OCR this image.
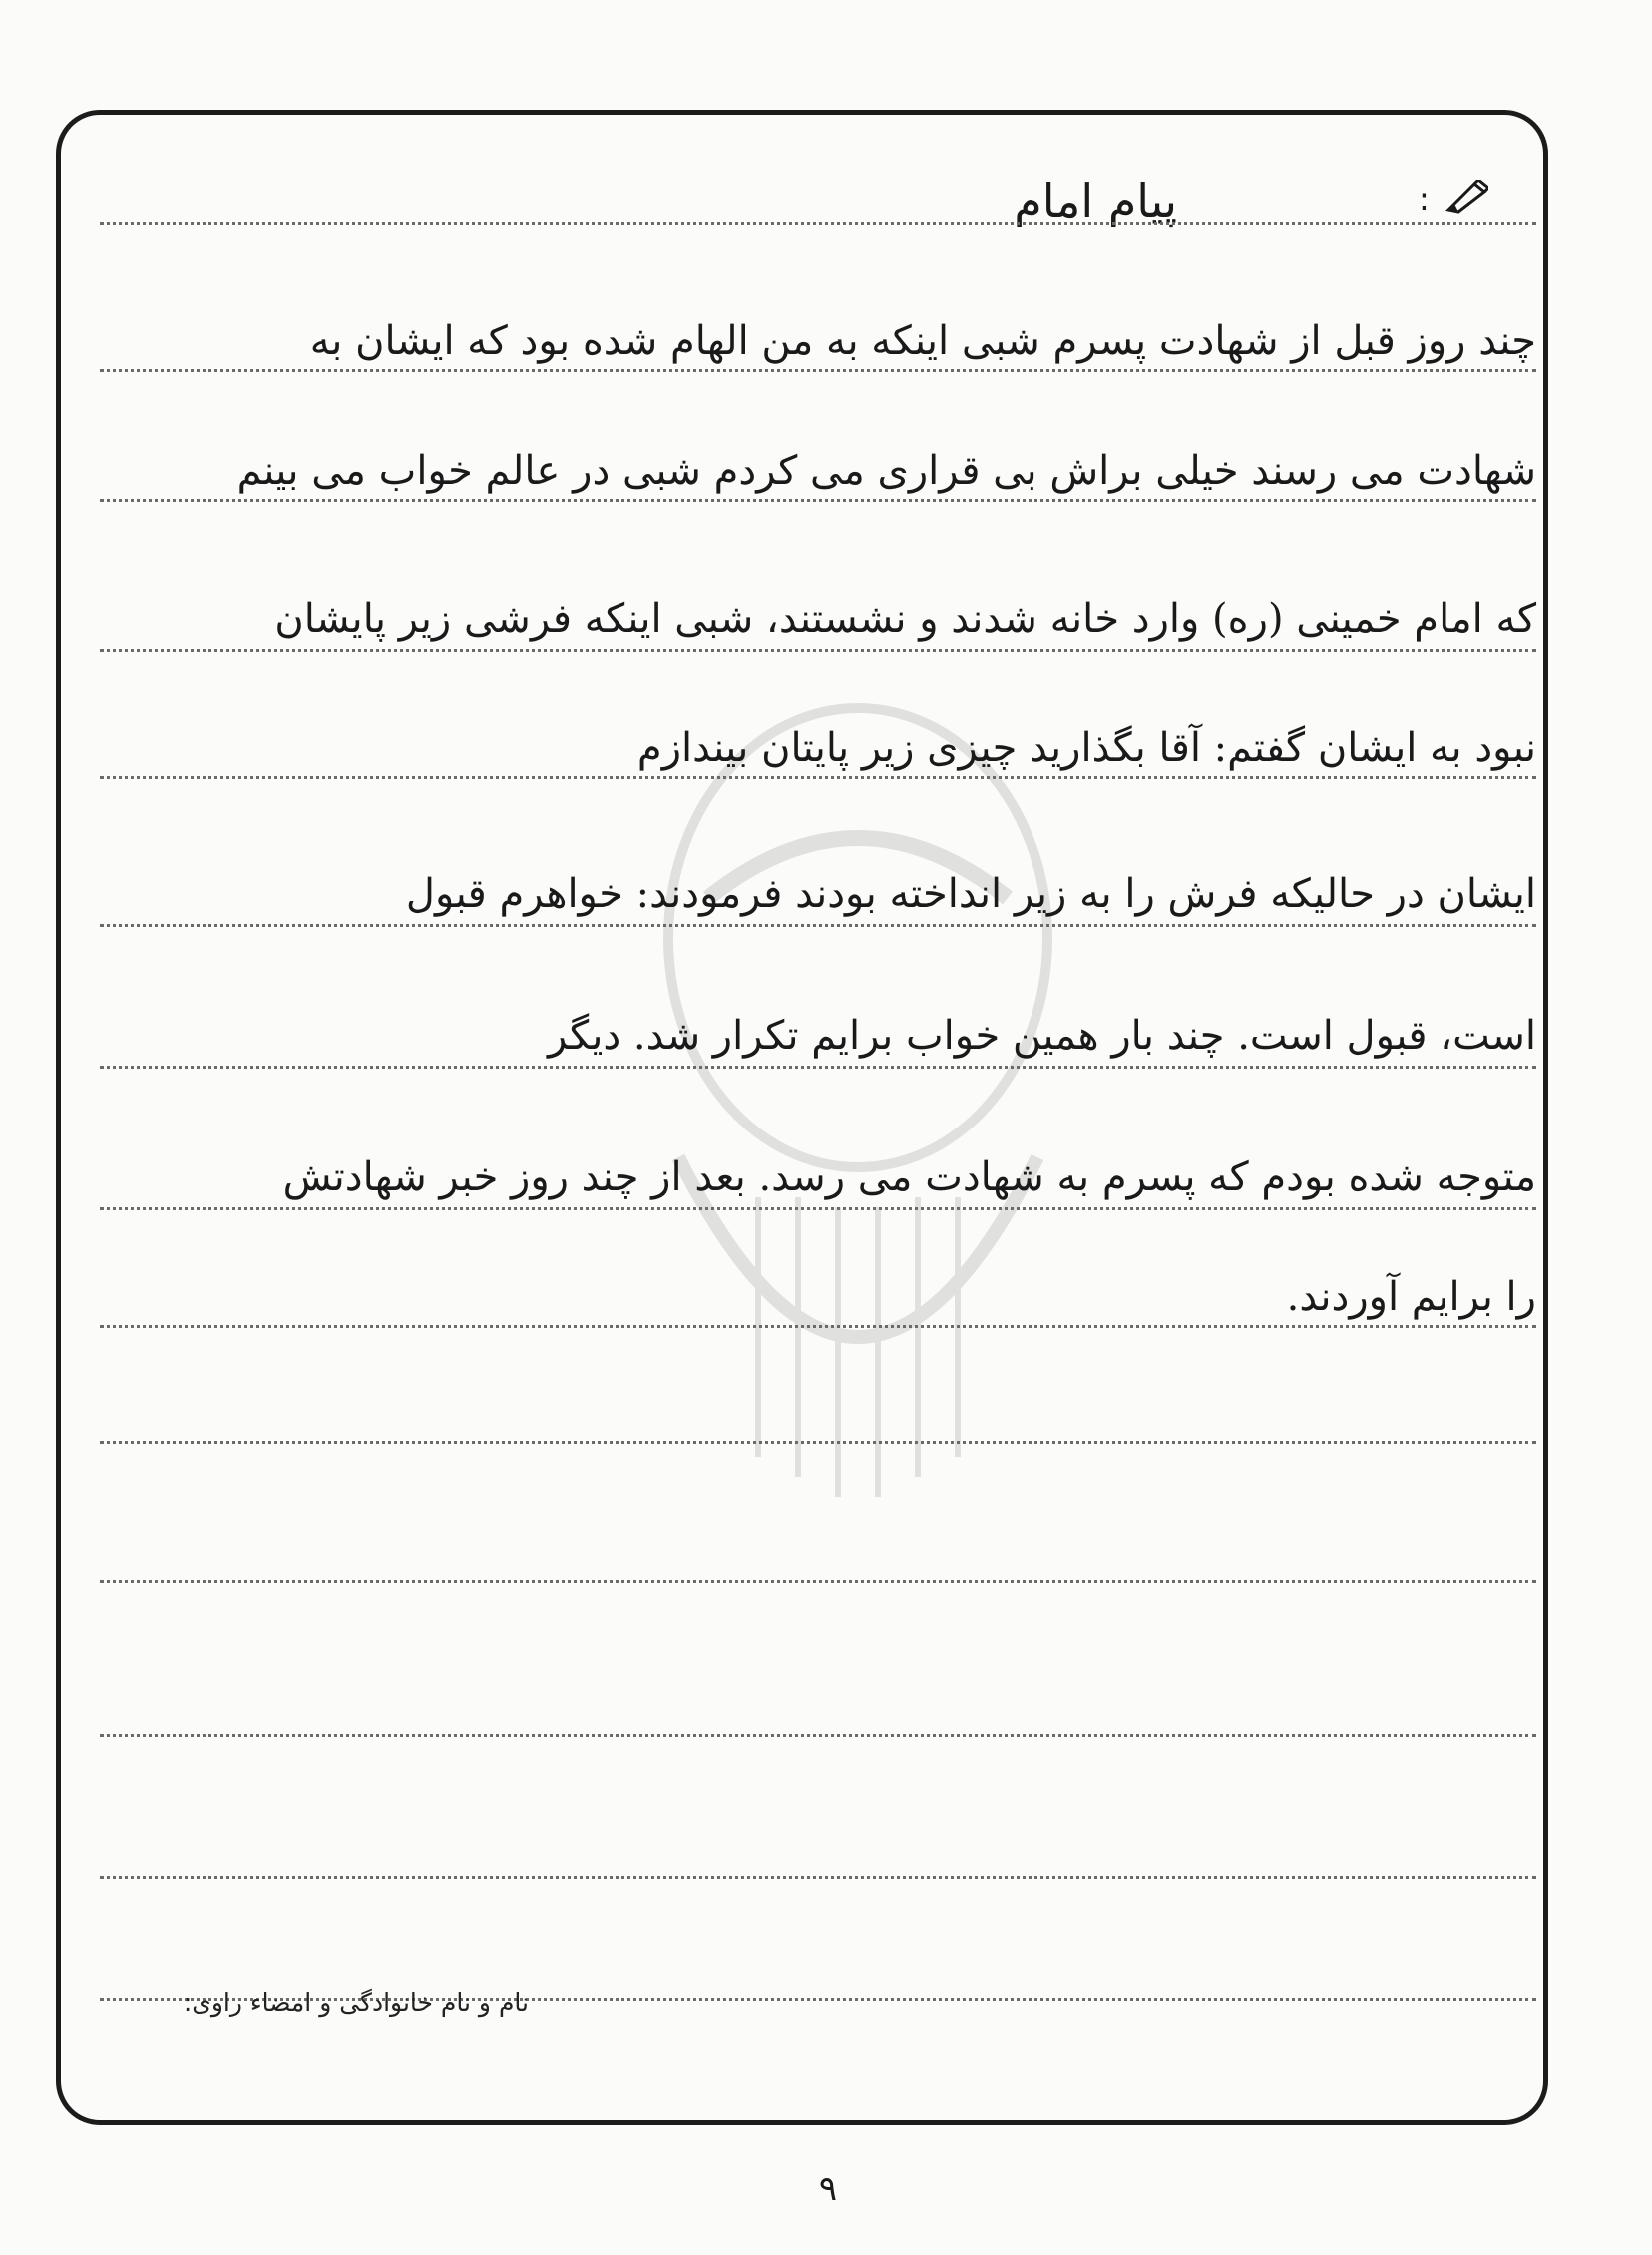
:
پیام امام
چند روز قبل از شهادت پسرم شبی اینکه به من الهام شده بود که ایشان به
شهادت می رسند خیلی براش بی قراری می کردم شبی در عالم خواب می بینم
که امام خمینی (ره) وارد خانه شدند و نشستند، شبی اینکه فرشی زیر پایشان
نبود به ایشان گفتم: آقا بگذارید چیزی زیر پایتان بیندازم
ایشان در حالیکه فرش را به زیر انداخته بودند فرمودند: خواهرم قبول
است، قبول است. چند بار همین خواب برایم تکرار شد. دیگر
متوجه شده بودم که پسرم به شهادت می رسد. بعد از چند روز خبر شهادتش
را برایم آوردند.
نام و نام خانوادگی و امضاء راوی:
۹
